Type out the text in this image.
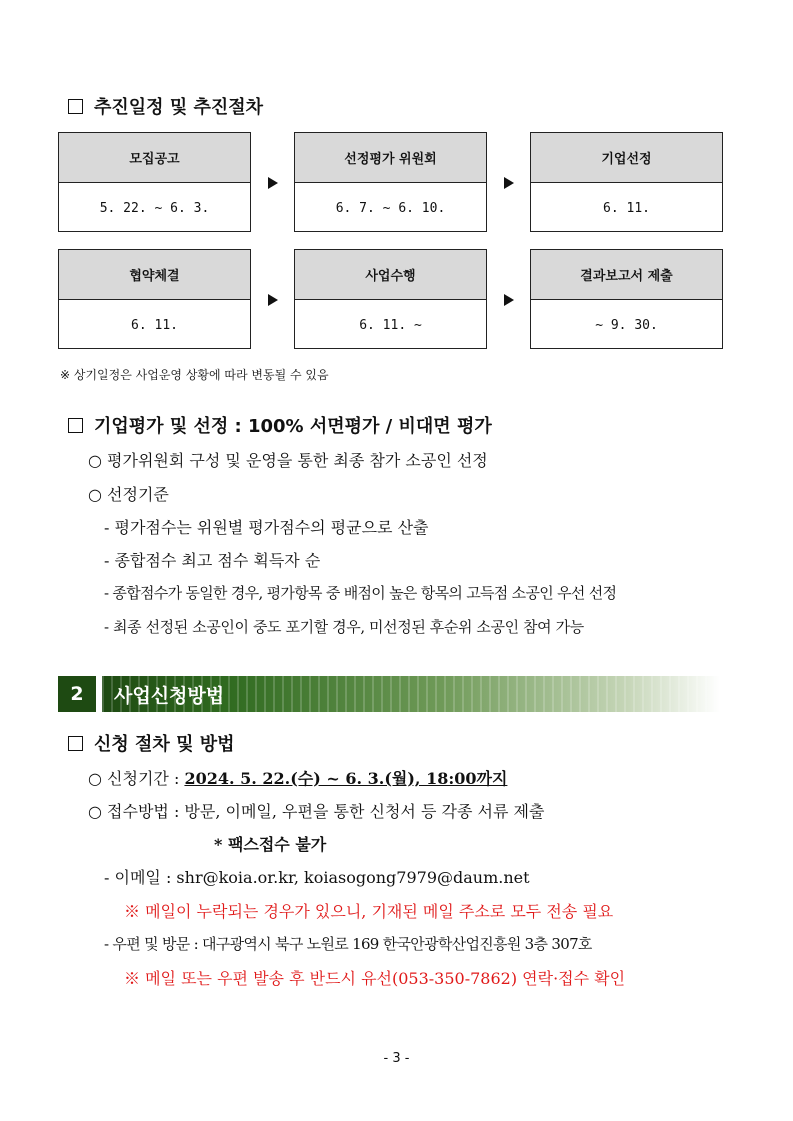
추진일정 및 추진절차
모집공고
5. 22. ~ 6. 3.
선정평가 위원회
6. 7. ~ 6. 10.
기업선정
6. 11.
협약체결
6. 11.
사업수행
6. 11. ~
결과보고서 제출
~ 9. 30.
※ 상기일정은 사업운영 상황에 따라 변동될 수 있음
기업평가 및 선정 : 100% 서면평가 / 비대면 평가
○ 평가위원회 구성 및 운영을 통한 최종 참가 소공인 선정
○ 선정기준
- 평가점수는 위원별 평가점수의 평균으로 산출
- 종합점수 최고 점수 획득자 순
- 종합점수가 동일한 경우, 평가항목 중 배점이 높은 항목의 고득점 소공인 우선 선정
- 최종 선정된 소공인이 중도 포기할 경우, 미선정된 후순위 소공인 참여 가능
2	사업신청방법
신청 절차 및 방법
○ 신청기간 : 2024. 5. 22.(수) ~ 6. 3.(월), 18:00까지
○ 접수방법 : 방문, 이메일, 우편을 통한 신청서 등 각종 서류 제출
* 팩스접수 불가
- 이메일 : shr@koia.or.kr, koiasogong7979@daum.net
※ 메일이 누락되는 경우가 있으니, 기재된 메일 주소로 모두 전송 필요
- 우편 및 방문 : 대구광역시 북구 노원로 169 한국안광학산업진흥원 3층 307호
※ 메일 또는 우편 발송 후 반드시 유선(053-350-7862) 연락·접수 확인
- 3 -
